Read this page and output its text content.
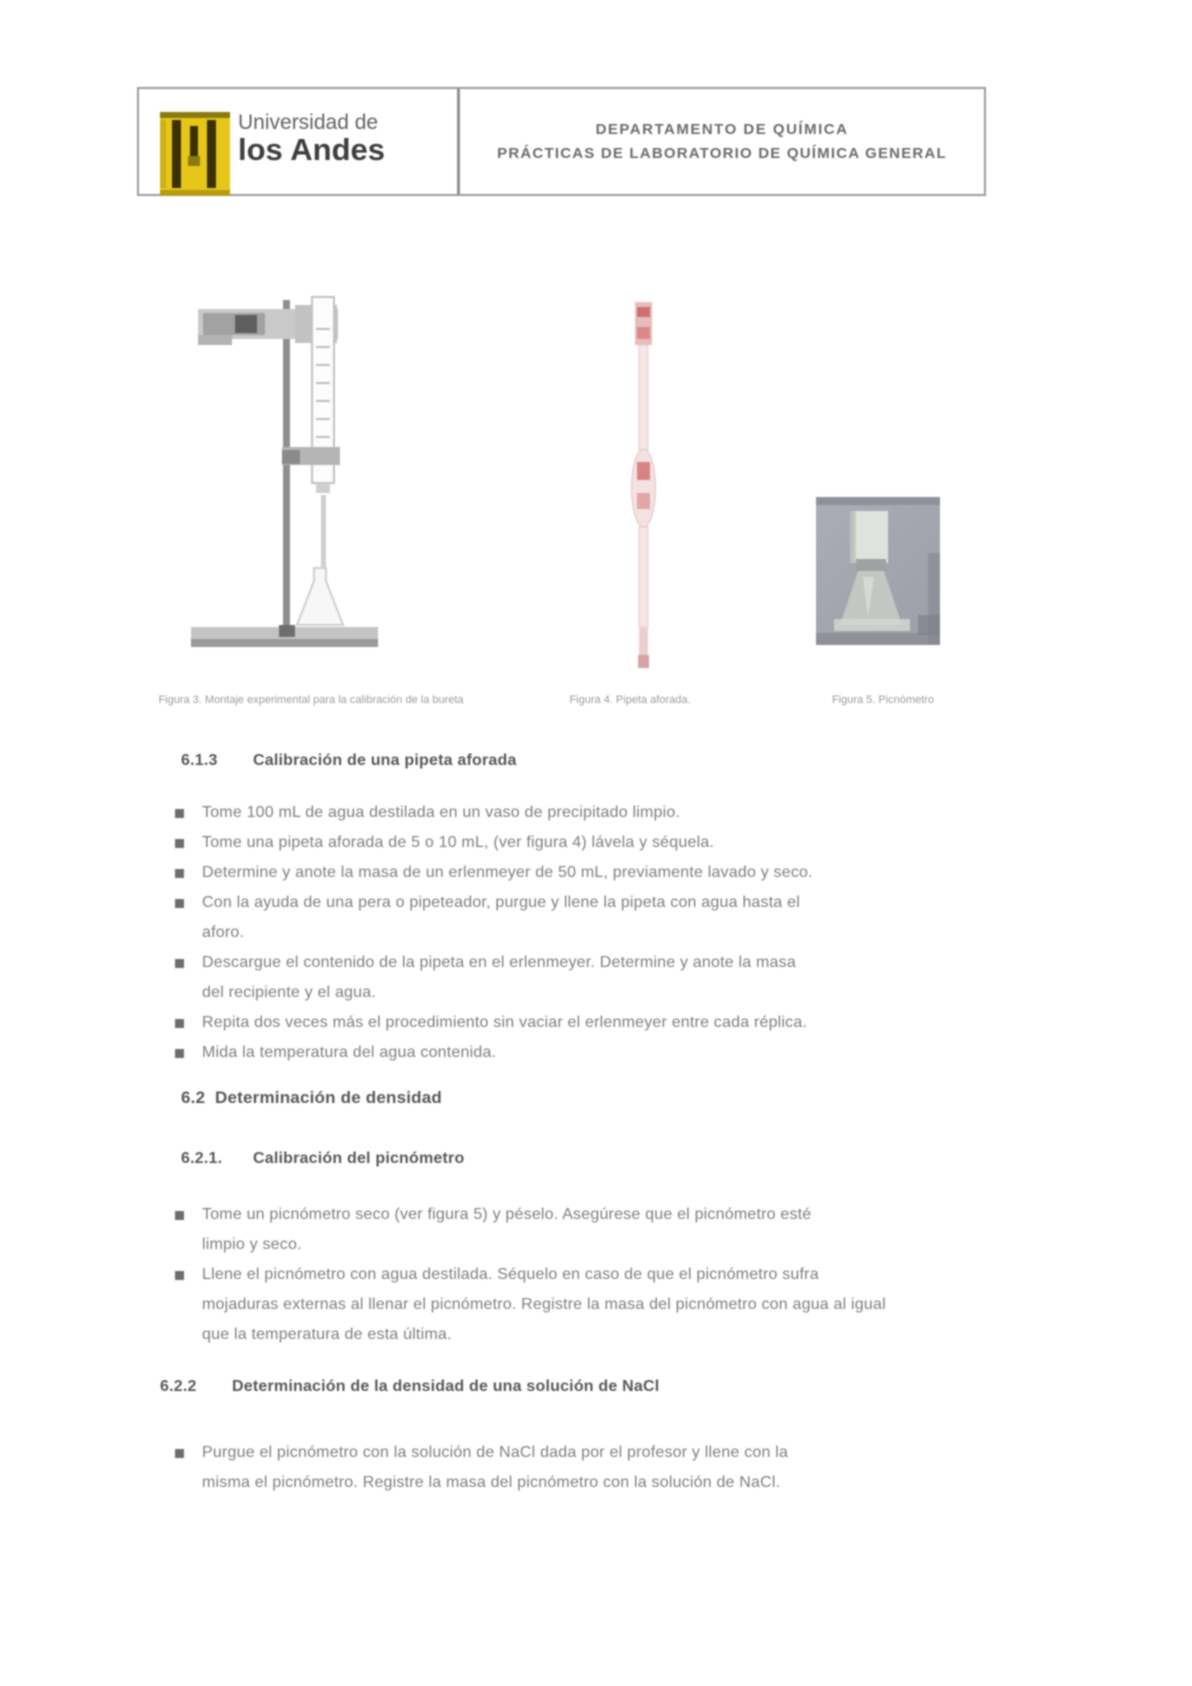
Universidad de
los Andes
DEPARTAMENTO DE QUÍMICA
PRÁCTICAS DE LABORATORIO DE QUÍMICA GENERAL
Figura 3. Montaje experimental para la calibración de la bureta	Figura 4. Pipeta aforada.	Figura 5. Picnómetro
6.1.3 Calibración de una pipeta aforada
Tome 100 mL de agua destilada en un vaso de precipitado limpio.
Tome una pipeta aforada de 5 o 10 mL, (ver figura 4) lávela y séquela.
Determine y anote la masa de un erlenmeyer de 50 mL, previamente lavado y seco.
Con la ayuda de una pera o pipeteador, purgue y llene la pipeta con agua hasta el
aforo.
Descargue el contenido de la pipeta en el erlenmeyer. Determine y anote la masa
del recipiente y el agua.
Repita dos veces más el procedimiento sin vaciar el erlenmeyer entre cada réplica.
Mida la temperatura del agua contenida.
6.2 Determinación de densidad
6.2.1. Calibración del picnómetro
Tome un picnómetro seco (ver figura 5) y péselo. Asegúrese que el picnómetro esté
limpio y seco.
Llene el picnómetro con agua destilada. Séquelo en caso de que el picnómetro sufra
mojaduras externas al llenar el picnómetro. Registre la masa del picnómetro con agua al igual
que la temperatura de esta última.
6.2.2 Determinación de la densidad de una solución de NaCl
Purgue el picnómetro con la solución de NaCl dada por el profesor y llene con la
misma el picnómetro. Registre la masa del picnómetro con la solución de NaCl.
